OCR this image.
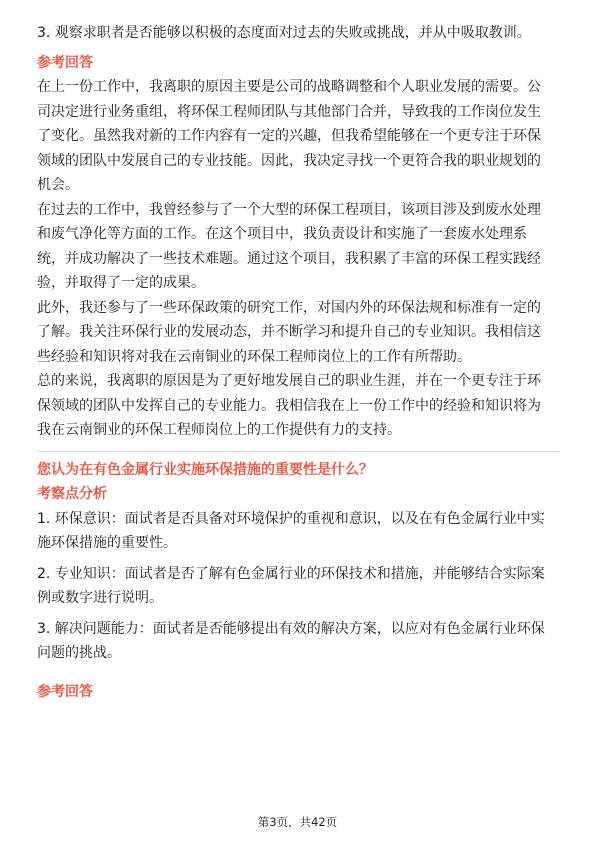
3. 观察求职者是否能够以积极的态度面对过去的失败或挑战，并从中吸取教训。

参考回答

在上一份工作中，我离职的原因主要是公司的战略调整和个人职业发展的需要。公

司决定进行业务重组，将环保工程师团队与其他部门合并，导致我的工作岗位发生

了变化。虽然我对新的工作内容有一定的兴趣，但我希望能够在一个更专注于环保

领域的团队中发展自己的专业技能。因此，我决定寻找一个更符合我的职业规划的

机会。

在过去的工作中，我曾经参与了一个大型的环保工程项目，该项目涉及到废水处理

和废气净化等方面的工作。在这个项目中，我负责设计和实施了一套废水处理系

统，并成功解决了一些技术难题。通过这个项目，我积累了丰富的环保工程实践经

验，并取得了一定的成果。

此外，我还参与了一些环保政策的研究工作，对国内外的环保法规和标准有一定的

了解。我关注环保行业的发展动态，并不断学习和提升自己的专业知识。我相信这

些经验和知识将对我在云南铜业的环保工程师岗位上的工作有所帮助。

总的来说，我离职的原因是为了更好地发展自己的职业生涯，并在一个更专注于环

保领域的团队中发挥自己的专业能力。我相信我在上一份工作中的经验和知识将为

我在云南铜业的环保工程师岗位上的工作提供有力的支持。

您认为在有色金属行业实施环保措施的重要性是什么？

考察点分析

1. 环保意识：面试者是否具备对环境保护的重视和意识，以及在有色金属行业中实

施环保措施的重要性。

2. 专业知识：面试者是否了解有色金属行业的环保技术和措施，并能够结合实际案

例或数字进行说明。

3. 解决问题能力：面试者是否能够提出有效的解决方案，以应对有色金属行业环保

问题的挑战。

参考回答

第3页，共42页
